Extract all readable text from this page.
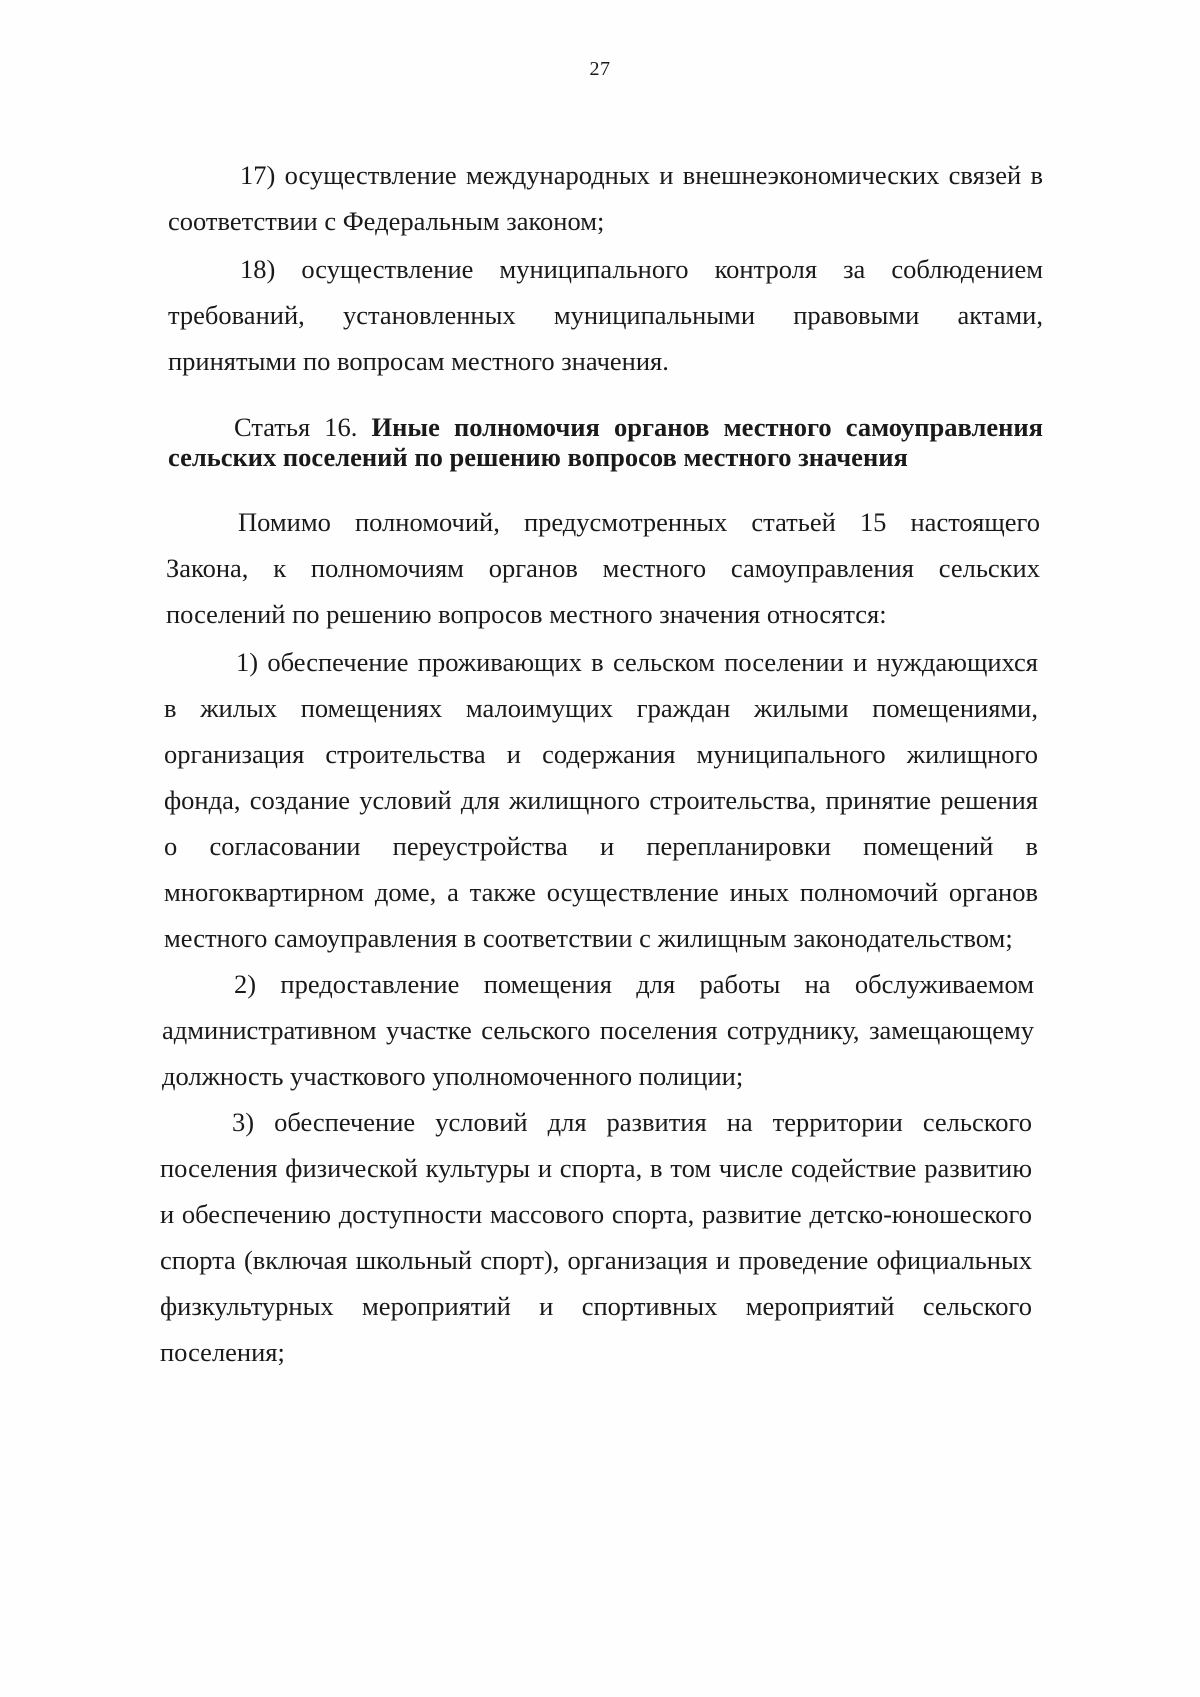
27

17) осуществление международных и внешнеэкономических связей в соответствии с Федеральным законом;

18) осуществление муниципального контроля за соблюдением требований, установленных муниципальными правовыми актами, принятыми по вопросам местного значения.

Статья 16. Иные полномочия органов местного самоуправления сельских поселений по решению вопросов местного значения

Помимо полномочий, предусмотренных статьей 15 настоящего Закона, к полномочиям органов местного самоуправления сельских поселений по решению вопросов местного значения относятся:

1) обеспечение проживающих в сельском поселении и нуждающихся в жилых помещениях малоимущих граждан жилыми помещениями, организация строительства и содержания муниципального жилищного фонда, создание условий для жилищного строительства, принятие решения о согласовании переустройства и перепланировки помещений в многоквартирном доме, а также осуществление иных полномочий органов местного самоуправления в соответствии с жилищным законодательством;

2) предоставление помещения для работы на обслуживаемом административном участке сельского поселения сотруднику, замещающему должность участкового уполномоченного полиции;

3) обеспечение условий для развития на территории сельского поселения физической культуры и спорта, в том числе содействие развитию и обеспечению доступности массового спорта, развитие детско-юношеского спорта (включая школьный спорт), организация и проведение официальных физкультурных мероприятий и спортивных мероприятий сельского поселения;
